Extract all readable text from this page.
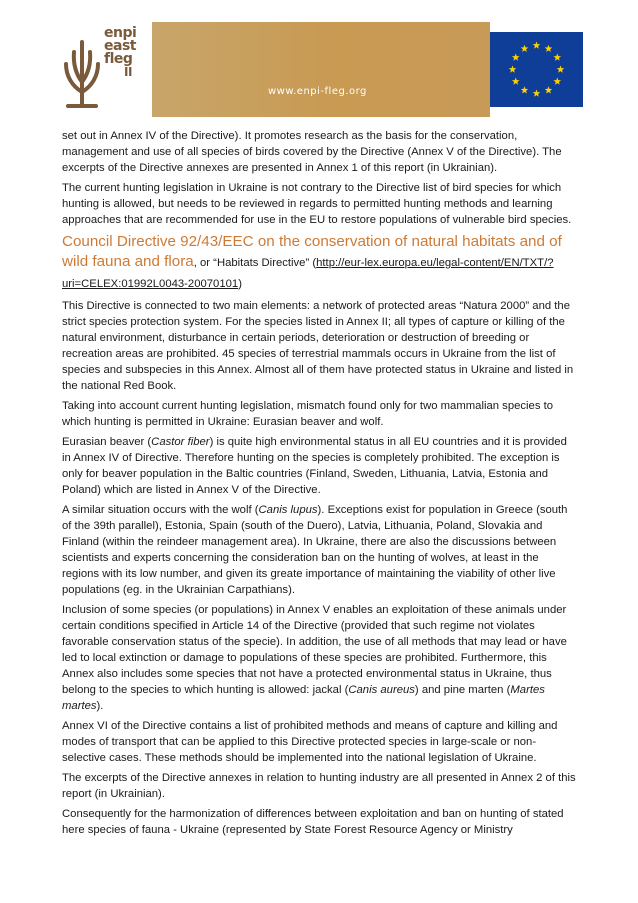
enpi
east
fleg
II
www.enpi-fleg.org

set out in Annex IV of the Directive). It promotes research as the basis for the conservation, management and use of all species of birds covered by the Directive (Annex V of the Directive). The excerpts of the Directive annexes are presented in Annex 1 of this report (in Ukrainian).

The current hunting legislation in Ukraine is not contrary to the Directive list of bird species for which hunting is allowed, but needs to be reviewed in regards to permitted hunting methods and learning approaches that are recommended for use in the EU to restore populations of vulnerable bird species.

Council Directive 92/43/EEC on the conservation of natural habitats and of wild fauna and flora, or “Habitats Directive” (http://eur-lex.europa.eu/legal-content/EN/TXT/?uri=CELEX:01992L0043-20070101)

This Directive is connected to two main elements: a network of protected areas “Natura 2000” and the strict species protection system. For the species listed in Annex II; all types of capture or killing of the natural environment, disturbance in certain periods, deterioration or destruction of breeding or recreation areas are prohibited. 45 species of terrestrial mammals occurs in Ukraine from the list of species and subspecies in this Annex. Almost all of them have protected status in Ukraine and listed in the national Red Book.

Taking into account current hunting legislation, mismatch found only for two mammalian species to which hunting is permitted in Ukraine: Eurasian beaver and wolf.

Eurasian beaver (Castor fiber) is quite high environmental status in all EU countries and it is provided in Annex IV of Directive. Therefore hunting on the species is completely prohibited. The exception is only for beaver population in the Baltic countries (Finland, Sweden, Lithuania, Latvia, Estonia and Poland) which are listed in Annex V of the Directive.

A similar situation occurs with the wolf (Canis lupus). Exceptions exist for population in Greece (south of the 39th parallel), Estonia, Spain (south of the Duero), Latvia, Lithuania, Poland, Slovakia and Finland (within the reindeer management area). In Ukraine, there are also the discussions between scientists and experts concerning the consideration ban on the hunting of wolves, at least in the regions with its low number, and given its greate importance of maintaining the viability of other live populations (eg. in the Ukrainian Carpathians).

Inclusion of some species (or populations) in Annex V enables an exploitation of these animals under certain conditions specified in Article 14 of the Directive (provided that such regime not violates favorable conservation status of the specie). In addition, the use of all methods that may lead or have led to local extinction or damage to populations of these species are prohibited. Furthermore, this Annex also includes some species that not have a protected environmental status in Ukraine, thus belong to the species to which hunting is allowed: jackal (Canis aureus) and pine marten (Martes martes).

Annex VI of the Directive contains a list of prohibited methods and means of capture and killing and modes of transport that can be applied to this Directive protected species in large-scale or non-selective cases. These methods should be implemented into the national legislation of Ukraine.

The excerpts of the Directive annexes in relation to hunting industry are all presented in Annex 2 of this report (in Ukrainian).

Consequently for the harmonization of differences between exploitation and ban on hunting of stated here species of fauna - Ukraine (represented by State Forest Resource Agency or Ministry
